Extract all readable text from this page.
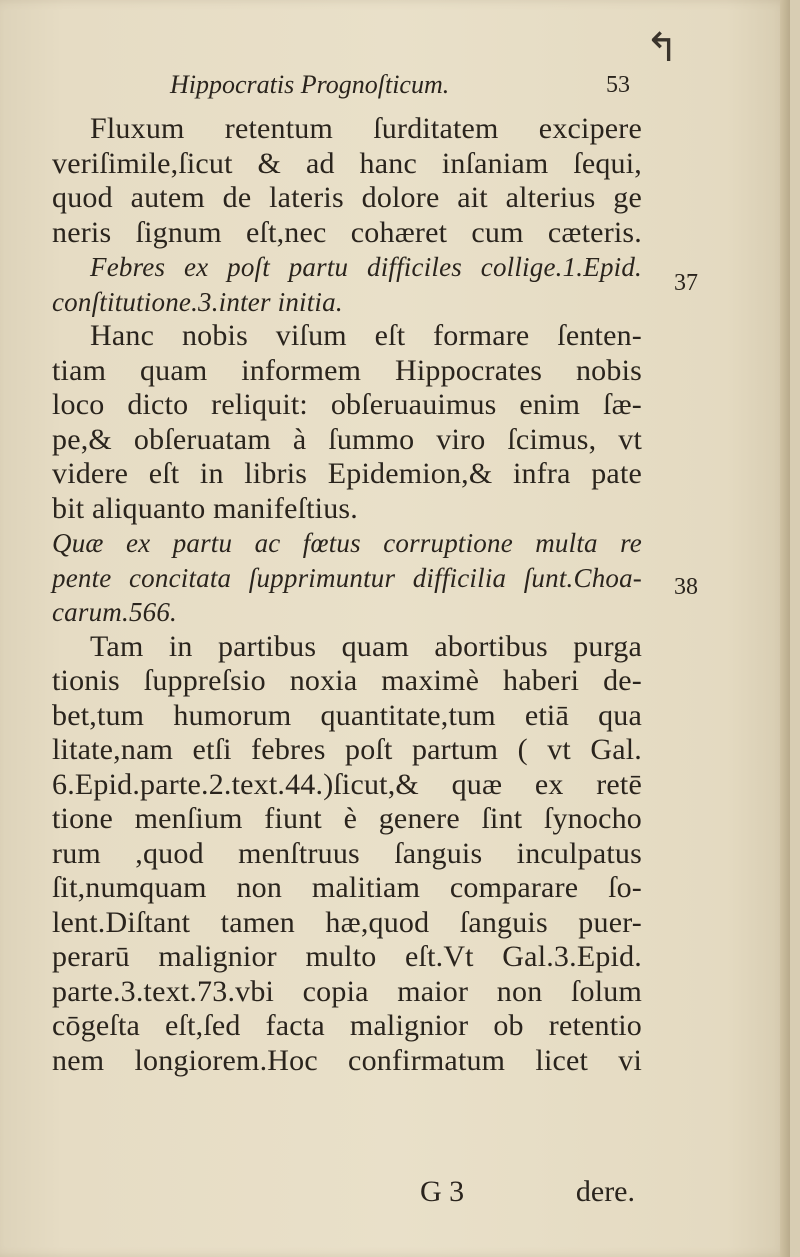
↰
Hippocratis Prognoſticum.	53
Fluxum retentum ſurditatem excipere
veriſimile,ſicut & ad hanc inſaniam ſequi,
quod autem de lateris dolore ait alterius ge
neris ſignum eſt,nec cohæret cum cæteris.
Febres ex poſt partu difficiles collige.1.Epid.
conſtitutione.3.inter initia.
Hanc nobis viſum eſt formare ſenten-
tiam quam informem Hippocrates nobis
loco dicto reliquit: obſeruauimus enim ſæ-
pe,& obſeruatam à ſummo viro ſcimus, vt
videre eſt in libris Epidemion,& infra pate
bit aliquanto manifeſtius.
Quæ ex partu ac fœtus corruptione multa re
pente concitata ſupprimuntur difficilia ſunt.Choa-
carum.566.
Tam in partibus quam abortibus purga
tionis ſuppreſsio noxia maximè haberi de-
bet,tum humorum quantitate,tum etiā qua
litate,nam etſi febres poſt partum ( vt Gal.
6.Epid.parte.2.text.44.)ſicut,& quæ ex retē
tione menſium fiunt è genere ſint ſynocho
rum ,quod menſtruus ſanguis inculpatus
ſit,numquam non malitiam comparare ſo-
lent.Diſtant tamen hæ,quod ſanguis puer-
perarū malignior multo eſt.Vt Gal.3.Epid.
parte.3.text.73.vbi copia maior non ſolum
cōgeſta eſt,ſed facta malignior ob retentio
nem longiorem.Hoc confirmatum licet vi
37
38
G 3	dere.
